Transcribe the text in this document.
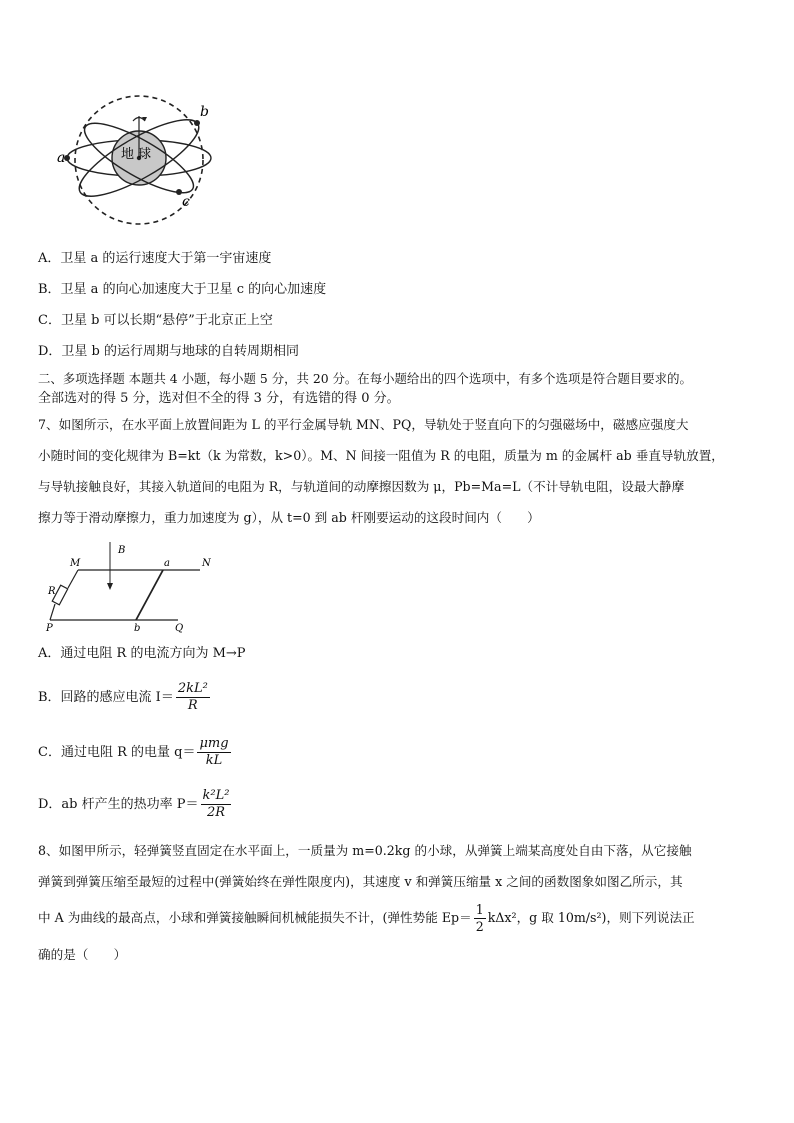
a
b
c
地 球
A．卫星 a 的运行速度大于第一宇宙速度
B．卫星 a 的向心加速度大于卫星 c 的向心加速度
C．卫星 b 可以长期“悬停”于北京正上空
D．卫星 b 的运行周期与地球的自转周期相同
二、多项选择题 本题共 4 小题，每小题 5 分，共 20 分。在每小题给出的四个选项中，有多个选项是符合题目要求的。
全部选对的得 5 分，选对但不全的得 3 分，有选错的得 0 分。
7、如图所示，在水平面上放置间距为 L 的平行金属导轨 MN、PQ，导轨处于竖直向下的匀强磁场中，磁感应强度大
小随时间的变化规律为 B=kt（k 为常数，k>0）。M、N 间接一阻值为 R 的电阻，质量为 m 的金属杆 ab 垂直导轨放置，
与导轨接触良好，其接入轨道间的电阻为 R，与轨道间的动摩擦因数为 μ，Pb=Ma=L（不计导轨电阻，设最大静摩
擦力等于滑动摩擦力，重力加速度为 g），从 t=0 到 ab 杆刚要运动的这段时间内（　　）
B
M	N
a
R
P	b	Q
A．通过电阻 R 的电流方向为 M→P
B．回路的感应电流 $I= \frac{\text{2kL²}}{R}$
C．通过电阻 R 的电量 $q= \frac{\text{μmg}}{kL}$
D．ab 杆产生的热功率 $P= \frac{\text{k²L²}}{2R}$
8、如图甲所示，轻弹簧竖直固定在水平面上，一质量为 m=0.2kg 的小球，从弹簧上端某高度处自由下落，从它接触
弹簧到弹簧压缩至最短的过程中(弹簧始终在弹性限度内)，其速度 v 和弹簧压缩量 x 之间的函数图象如图乙所示，其
中 A 为曲线的最高点，小球和弹簧接触瞬间机械能损失不计，(弹性势能 $Ep= \frac{1}{2} k\Delta x^2$，g 取 10m/s²)，则下列说法正
确的是（　　）
